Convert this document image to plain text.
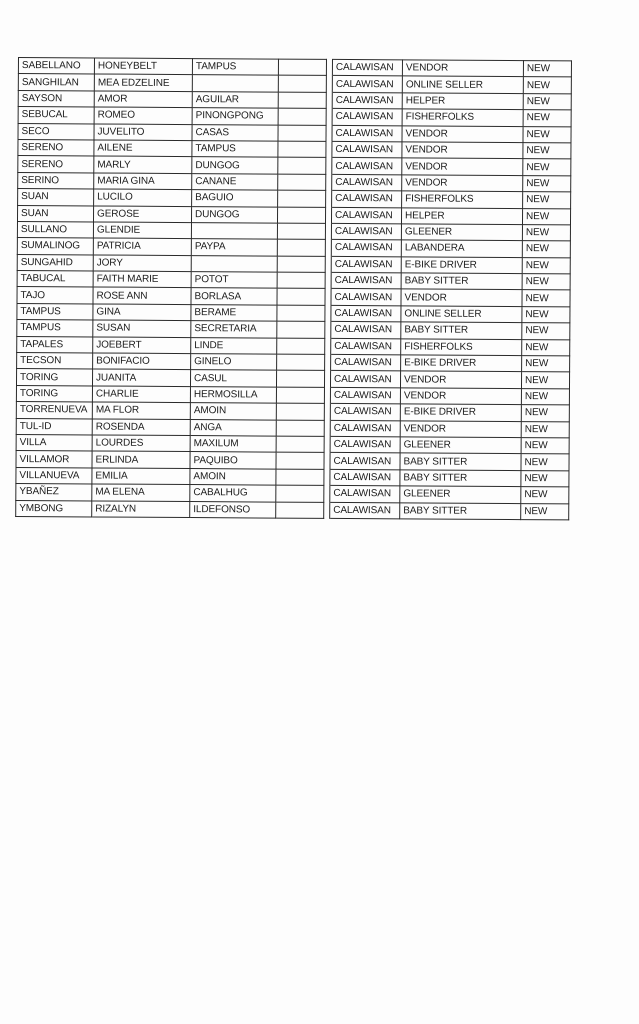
SABELLANO	HONEYBELT	TAMPUS			CALAWISAN	VENDOR	NEW
SANGHILAN	MEA EDZELINE				CALAWISAN	ONLINE SELLER	NEW
SAYSON	AMOR	AGUILAR			CALAWISAN	HELPER	NEW
SEBUCAL	ROMEO	PINONGPONG			CALAWISAN	FISHERFOLKS	NEW
SECO	JUVELITO	CASAS			CALAWISAN	VENDOR	NEW
SERENO	AILENE	TAMPUS			CALAWISAN	VENDOR	NEW
SERENO	MARLY	DUNGOG			CALAWISAN	VENDOR	NEW
SERINO	MARIA GINA	CANANE			CALAWISAN	VENDOR	NEW
SUAN	LUCILO	BAGUIO			CALAWISAN	FISHERFOLKS	NEW
SUAN	GEROSE	DUNGOG			CALAWISAN	HELPER	NEW
SULLANO	GLENDIE				CALAWISAN	GLEENER	NEW
SUMALINOG	PATRICIA	PAYPA			CALAWISAN	LABANDERA	NEW
SUNGAHID	JORY				CALAWISAN	E-BIKE DRIVER	NEW
TABUCAL	FAITH MARIE	POTOT			CALAWISAN	BABY SITTER	NEW
TAJO	ROSE ANN	BORLASA			CALAWISAN	VENDOR	NEW
TAMPUS	GINA	BERAME			CALAWISAN	ONLINE SELLER	NEW
TAMPUS	SUSAN	SECRETARIA			CALAWISAN	BABY SITTER	NEW
TAPALES	JOEBERT	LINDE			CALAWISAN	FISHERFOLKS	NEW
TECSON	BONIFACIO	GINELO			CALAWISAN	E-BIKE DRIVER	NEW
TORING	JUANITA	CASUL			CALAWISAN	VENDOR	NEW
TORING	CHARLIE	HERMOSILLA			CALAWISAN	VENDOR	NEW
TORRENUEVA	MA FLOR	AMOIN			CALAWISAN	E-BIKE DRIVER	NEW
TUL-ID	ROSENDA	ANGA			CALAWISAN	VENDOR	NEW
VILLA	LOURDES	MAXILUM			CALAWISAN	GLEENER	NEW
VILLAMOR	ERLINDA	PAQUIBO			CALAWISAN	BABY SITTER	NEW
VILLANUEVA	EMILIA	AMOIN			CALAWISAN	BABY SITTER	NEW
YBAÑEZ	MA ELENA	CABALHUG			CALAWISAN	GLEENER	NEW
YMBONG	RIZALYN	ILDEFONSO			CALAWISAN	BABY SITTER	NEW
